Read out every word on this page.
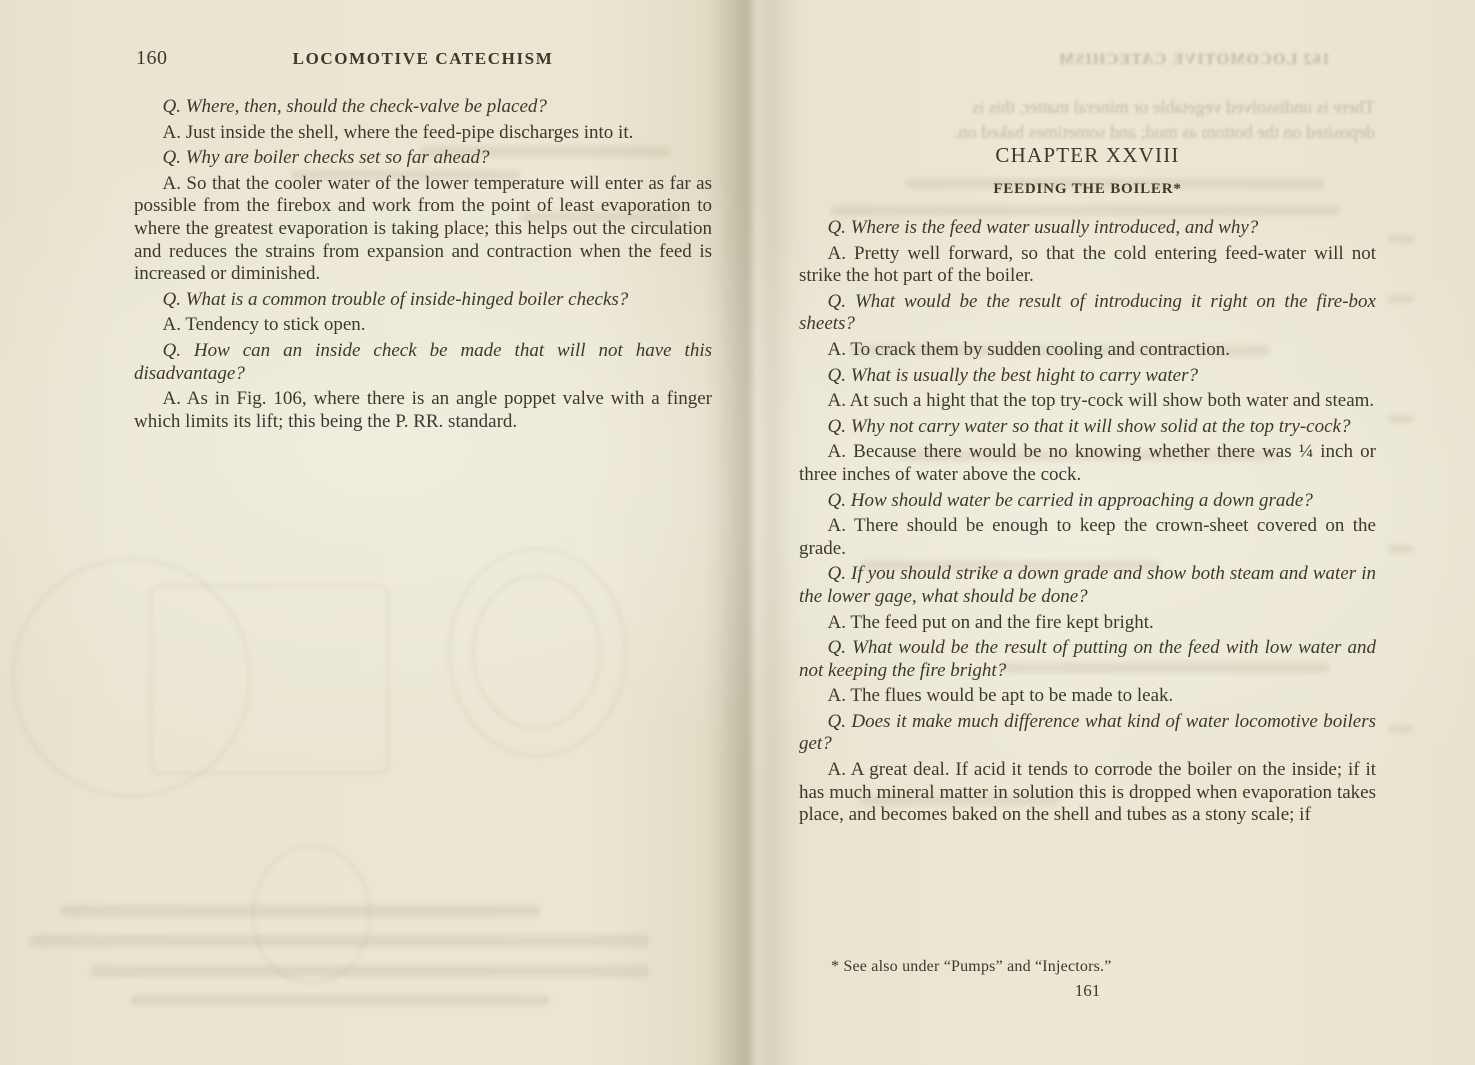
162 LOCOMOTIVE CATECHISM
There is undissolved vegetable or mineral matter, this is
deposited on the bottom as mud; and sometimes baked on.
160	LOCOMOTIVE CATECHISM

Q. Where, then, should the check-valve be placed?

A. Just inside the shell, where the feed-pipe discharges into it.

Q. Why are boiler checks set so far ahead?

A. So that the cooler water of the lower temperature will enter as far as possible from the firebox and work from the point of least evaporation to where the greatest evaporation is taking place; this helps out the circulation and reduces the strains from expansion and contraction when the feed is increased or diminished.

Q. What is a common trouble of inside-hinged boiler checks?

A. Tendency to stick open.

Q. How can an inside check be made that will not have this disadvantage?

A. As in Fig. 106, where there is an angle poppet valve with a finger which limits its lift; this being the P. RR. standard.

CHAPTER XXVIII
FEEDING THE BOILER*

Q. Where is the feed water usually introduced, and why?

A. Pretty well forward, so that the cold entering feed-water will not strike the hot part of the boiler.

Q. What would be the result of introducing it right on the fire-box sheets?

A. To crack them by sudden cooling and contraction.

Q. What is usually the best hight to carry water?

A. At such a hight that the top try-cock will show both water and steam.

Q. Why not carry water so that it will show solid at the top try-cock?

A. Because there would be no knowing whether there was ¼ inch or three inches of water above the cock.

Q. How should water be carried in approaching a down grade?

A. There should be enough to keep the crown-sheet covered on the grade.

Q. If you should strike a down grade and show both steam and water in the lower gage, what should be done?

A. The feed put on and the fire kept bright.

Q. What would be the result of putting on the feed with low water and not keeping the fire bright?

A. The flues would be apt to be made to leak.

Q. Does it make much difference what kind of water locomotive boilers get?

A. A great deal. If acid it tends to corrode the boiler on the inside; if it has much mineral matter in solution this is dropped when evaporation takes place, and becomes baked on the shell and tubes as a stony scale; if

* See also under “Pumps” and “Injectors.”
161
